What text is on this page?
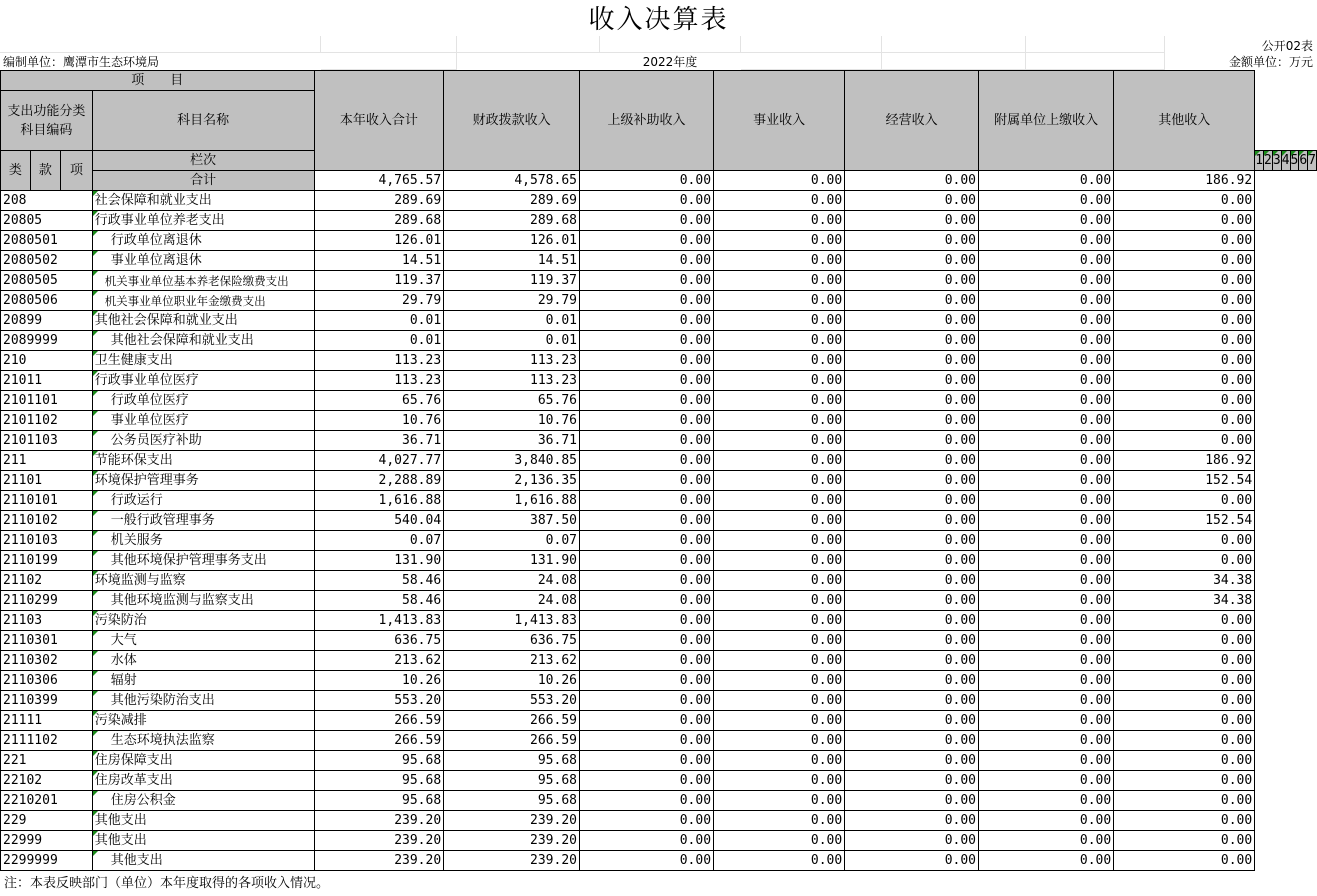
收入决算表
公开02表
编制单位：鹰潭市生态环境局	2022年度	金额单位：万元
项　　目				本年收入合计	财政拨款收入	上级补助收入	事业收入	经营收入	附属单位上缴收入	其他收入							
支出功能分类科目编码			科目名称														

类	款	项	栏次								1	2	3	4	5	6	7
			合计	4,765.57	4,578.65	0.00	0.00	0.00	0.00	186.92							
208			社会保障和就业支出	289.69	289.69	0.00	0.00	0.00	0.00	0.00							
20805			行政事业单位养老支出	289.68	289.68	0.00	0.00	0.00	0.00	0.00							
2080501			行政单位离退休	126.01	126.01	0.00	0.00	0.00	0.00	0.00							
2080502			事业单位离退休	14.51	14.51	0.00	0.00	0.00	0.00	0.00							
2080505			机关事业单位基本养老保险缴费支出	119.37	119.37	0.00	0.00	0.00	0.00	0.00							
2080506			机关事业单位职业年金缴费支出	29.79	29.79	0.00	0.00	0.00	0.00	0.00							
20899			其他社会保障和就业支出	0.01	0.01	0.00	0.00	0.00	0.00	0.00							
2089999			其他社会保障和就业支出	0.01	0.01	0.00	0.00	0.00	0.00	0.00							
210			卫生健康支出	113.23	113.23	0.00	0.00	0.00	0.00	0.00							
21011			行政事业单位医疗	113.23	113.23	0.00	0.00	0.00	0.00	0.00							
2101101			行政单位医疗	65.76	65.76	0.00	0.00	0.00	0.00	0.00							
2101102			事业单位医疗	10.76	10.76	0.00	0.00	0.00	0.00	0.00							
2101103			公务员医疗补助	36.71	36.71	0.00	0.00	0.00	0.00	0.00							
211			节能环保支出	4,027.77	3,840.85	0.00	0.00	0.00	0.00	186.92							
21101			环境保护管理事务	2,288.89	2,136.35	0.00	0.00	0.00	0.00	152.54							
2110101			行政运行	1,616.88	1,616.88	0.00	0.00	0.00	0.00	0.00							
2110102			一般行政管理事务	540.04	387.50	0.00	0.00	0.00	0.00	152.54							
2110103			机关服务	0.07	0.07	0.00	0.00	0.00	0.00	0.00							
2110199			其他环境保护管理事务支出	131.90	131.90	0.00	0.00	0.00	0.00	0.00							
21102			环境监测与监察	58.46	24.08	0.00	0.00	0.00	0.00	34.38							
2110299			其他环境监测与监察支出	58.46	24.08	0.00	0.00	0.00	0.00	34.38							
21103			污染防治	1,413.83	1,413.83	0.00	0.00	0.00	0.00	0.00							
2110301			大气	636.75	636.75	0.00	0.00	0.00	0.00	0.00							
2110302			水体	213.62	213.62	0.00	0.00	0.00	0.00	0.00							
2110306			辐射	10.26	10.26	0.00	0.00	0.00	0.00	0.00							
2110399			其他污染防治支出	553.20	553.20	0.00	0.00	0.00	0.00	0.00							
21111			污染减排	266.59	266.59	0.00	0.00	0.00	0.00	0.00							
2111102			生态环境执法监察	266.59	266.59	0.00	0.00	0.00	0.00	0.00							
221			住房保障支出	95.68	95.68	0.00	0.00	0.00	0.00	0.00							
22102			住房改革支出	95.68	95.68	0.00	0.00	0.00	0.00	0.00							
2210201			住房公积金	95.68	95.68	0.00	0.00	0.00	0.00	0.00							
229			其他支出	239.20	239.20	0.00	0.00	0.00	0.00	0.00							
22999			其他支出	239.20	239.20	0.00	0.00	0.00	0.00	0.00							
2299999			其他支出	239.20	239.20	0.00	0.00	0.00	0.00	0.00							
注：本表反映部门（单位）本年度取得的各项收入情况。
